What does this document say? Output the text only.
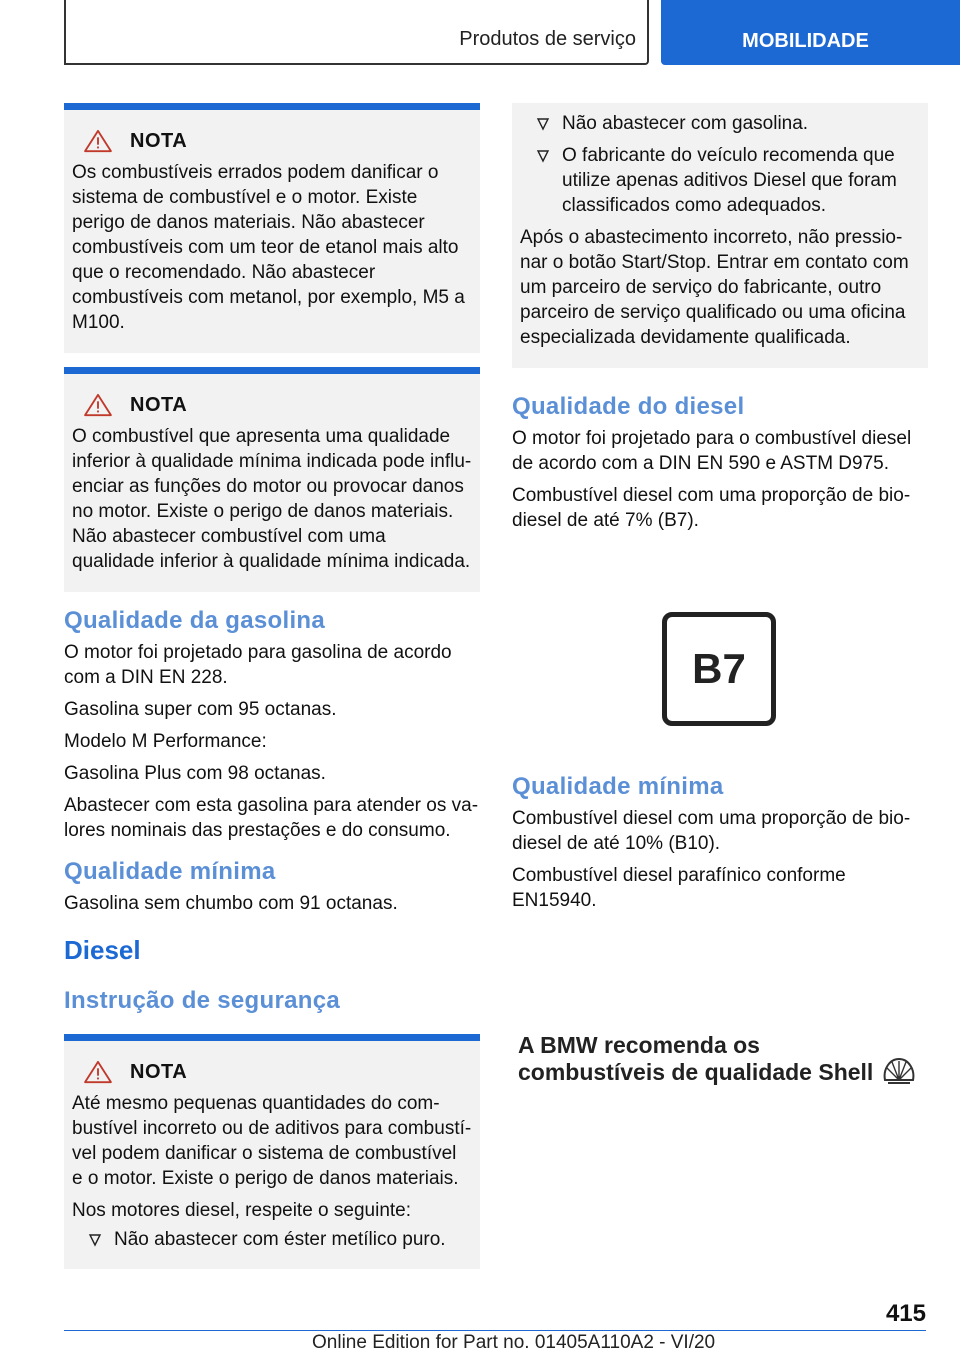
Produtos de serviço	MOBILIDADE
NOTA
Os combustíveis errados podem danificar o sistema de combustível e o motor. Existe perigo de danos materiais. Não abastecer combustíveis com um teor de etanol mais alto que o recomendado. Não abastecer combustíveis com metanol, por exemplo, M5 a M100.
NOTA
O combustível que apresenta uma qualidade inferior à qualidade mínima indicada pode influenciar as funções do motor ou provocar danos no motor. Existe o perigo de danos materiais. Não abastecer combustível com uma qualidade inferior à qualidade mínima indicada.
Qualidade da gasolina
O motor foi projetado para gasolina de acordo com a DIN EN 228.
Gasolina super com 95 octanas.
Modelo M Performance:
Gasolina Plus com 98 octanas.
Abastecer com esta gasolina para atender os valores nominais das prestações e do consumo.
Qualidade mínima
Gasolina sem chumbo com 91 octanas.
Diesel
Instrução de segurança
NOTA
Até mesmo pequenas quantidades do combustível incorreto ou de aditivos para combustível podem danificar o sistema de combustível e o motor. Existe o perigo de danos materiais.
Nos motores diesel, respeite o seguinte:
Não abastecer com éster metílico puro.
Não abastecer com gasolina.
O fabricante do veículo recomenda que utilize apenas aditivos Diesel que foram classificados como adequados.
Após o abastecimento incorreto, não pressionar o botão Start/Stop. Entrar em contato com um parceiro de serviço do fabricante, outro parceiro de serviço qualificado ou uma oficina especializada devidamente qualificada.
Qualidade do diesel
O motor foi projetado para o combustível diesel de acordo com a DIN EN 590 e ASTM D975.
Combustível diesel com uma proporção de biodiesel de até 7% (B7).
B7
Qualidade mínima
Combustível diesel com uma proporção de biodiesel de até 10% (B10).
Combustível diesel parafínico conforme EN15940.
A BMW recomenda os
combustíveis de qualidade Shell
415
Online Edition for Part no. 01405A110A2 - VI/20
